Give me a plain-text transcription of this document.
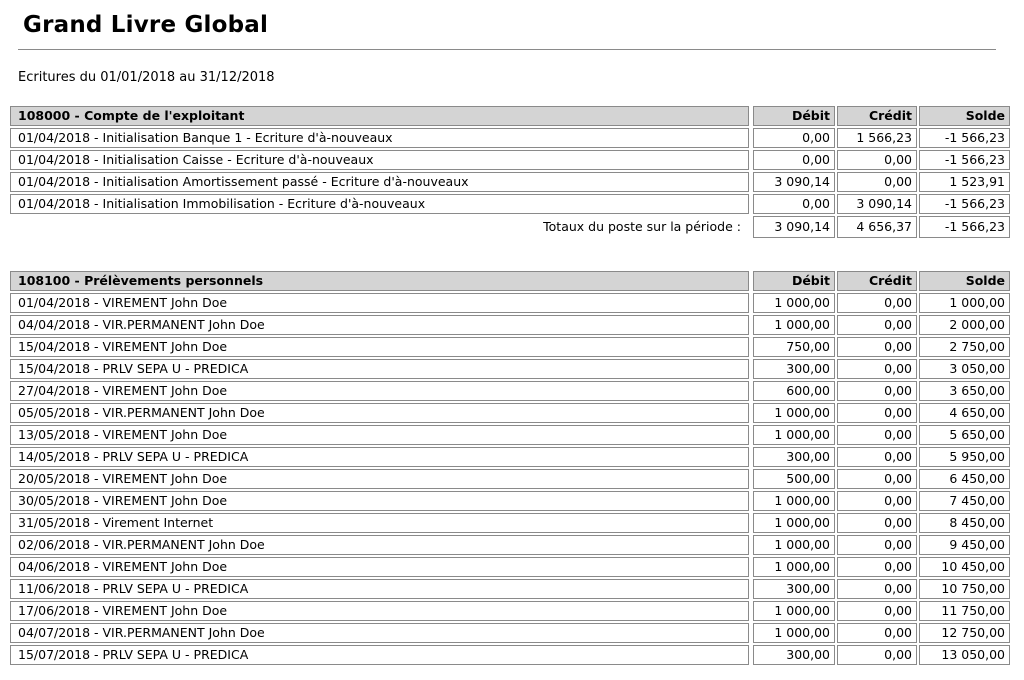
Grand Livre Global
Ecritures du 01/01/2018 au 31/12/2018
108000 - Compte de l'exploitant	Débit	Crédit	Solde
01/04/2018 - Initialisation Banque 1 - Ecriture d'à-nouveaux	0,00	1 566,23	-1 566,23
01/04/2018 - Initialisation Caisse - Ecriture d'à-nouveaux	0,00	0,00	-1 566,23
01/04/2018 - Initialisation Amortissement passé - Ecriture d'à-nouveaux	3 090,14	0,00	1 523,91
01/04/2018 - Initialisation Immobilisation - Ecriture d'à-nouveaux	0,00	3 090,14	-1 566,23
Totaux du poste sur la période :	3 090,14	4 656,37	-1 566,23
108100 - Prélèvements personnels	Débit	Crédit	Solde
01/04/2018 - VIREMENT John Doe	1 000,00	0,00	1 000,00
04/04/2018 - VIR.PERMANENT John Doe	1 000,00	0,00	2 000,00
15/04/2018 - VIREMENT John Doe	750,00	0,00	2 750,00
15/04/2018 - PRLV SEPA U - PREDICA	300,00	0,00	3 050,00
27/04/2018 - VIREMENT John Doe	600,00	0,00	3 650,00
05/05/2018 - VIR.PERMANENT John Doe	1 000,00	0,00	4 650,00
13/05/2018 - VIREMENT John Doe	1 000,00	0,00	5 650,00
14/05/2018 - PRLV SEPA U - PREDICA	300,00	0,00	5 950,00
20/05/2018 - VIREMENT John Doe	500,00	0,00	6 450,00
30/05/2018 - VIREMENT John Doe	1 000,00	0,00	7 450,00
31/05/2018 - Virement Internet	1 000,00	0,00	8 450,00
02/06/2018 - VIR.PERMANENT John Doe	1 000,00	0,00	9 450,00
04/06/2018 - VIREMENT John Doe	1 000,00	0,00	10 450,00
11/06/2018 - PRLV SEPA U - PREDICA	300,00	0,00	10 750,00
17/06/2018 - VIREMENT John Doe	1 000,00	0,00	11 750,00
04/07/2018 - VIR.PERMANENT John Doe	1 000,00	0,00	12 750,00
15/07/2018 - PRLV SEPA U - PREDICA	300,00	0,00	13 050,00
